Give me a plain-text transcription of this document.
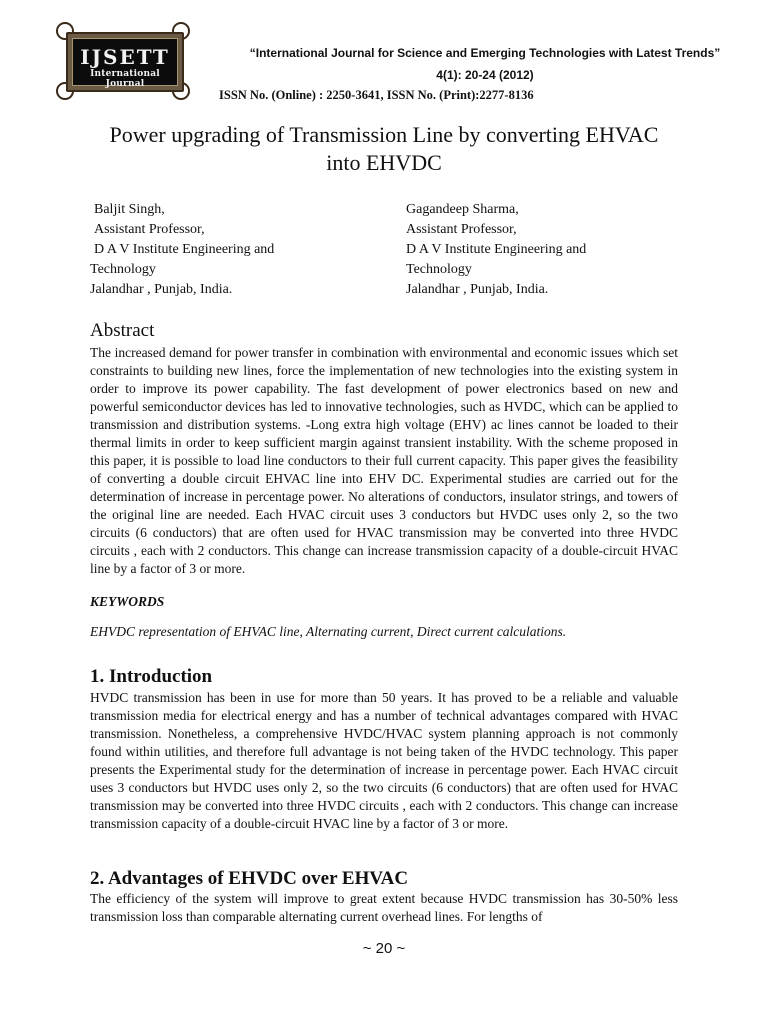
IJSETT
International Journal
“International Journal for Science and Emerging Technologies with Latest Trends”
4(1): 20-24 (2012)
ISSN No. (Online) : 2250-3641, ISSN No. (Print):2277-8136
Power upgrading of Transmission Line by converting EHVAC
into EHVDC
Baljit Singh,
Assistant Professor,
D A V Institute Engineering and
Technology
Jalandhar , Punjab, India.
Gagandeep Sharma,
Assistant Professor,
D A V Institute Engineering and
Technology
Jalandhar , Punjab, India.
Abstract
The increased demand for power transfer in combination with environmental and economic issues which set constraints to building new lines, force the implementation of new technologies into the existing system in order to improve its power capability. The fast development of power electronics based on new and powerful semiconductor devices has led to innovative technologies, such as HVDC, which can be applied to transmission and distribution systems. -Long extra high voltage (EHV) ac lines cannot be loaded to their thermal limits in order to keep sufficient margin against transient instability. With the scheme proposed in this paper, it is possible to load line conductors to their full current capacity. This paper gives the feasibility of converting a double circuit EHVAC line into EHV DC. Experimental studies are carried out for the determination of increase in percentage power. No alterations of conductors, insulator strings, and towers of the original line are needed. Each HVAC circuit uses 3 conductors but HVDC uses only 2, so the two circuits (6 conductors) that are often used for HVAC transmission may be converted into three HVDC circuits , each with 2 conductors. This change can increase transmission capacity of a double-circuit HVAC line by a factor of 3 or more.
KEYWORDS
EHVDC representation of EHVAC line, Alternating current, Direct current calculations.
1. Introduction
HVDC transmission has been in use for more than 50 years. It has proved to be a reliable and valuable transmission media for electrical energy and has a number of technical advantages compared with HVAC transmission. Nonetheless, a comprehensive HVDC/HVAC system planning approach is not commonly found within utilities, and therefore full advantage is not being taken of the HVDC technology. This paper presents the Experimental study for the determination of increase in percentage power. Each HVAC circuit uses 3 conductors but HVDC uses only 2, so the two circuits (6 conductors) that are often used for HVAC transmission may be converted into three HVDC circuits , each with 2 conductors. This change can increase transmission capacity of a double-circuit HVAC line by a factor of 3 or more.
2. Advantages of EHVDC over EHVAC
The efficiency of the system will improve to great extent because HVDC transmission has 30-50% less transmission loss than comparable alternating current overhead lines. For lengths of
~ 20 ~
